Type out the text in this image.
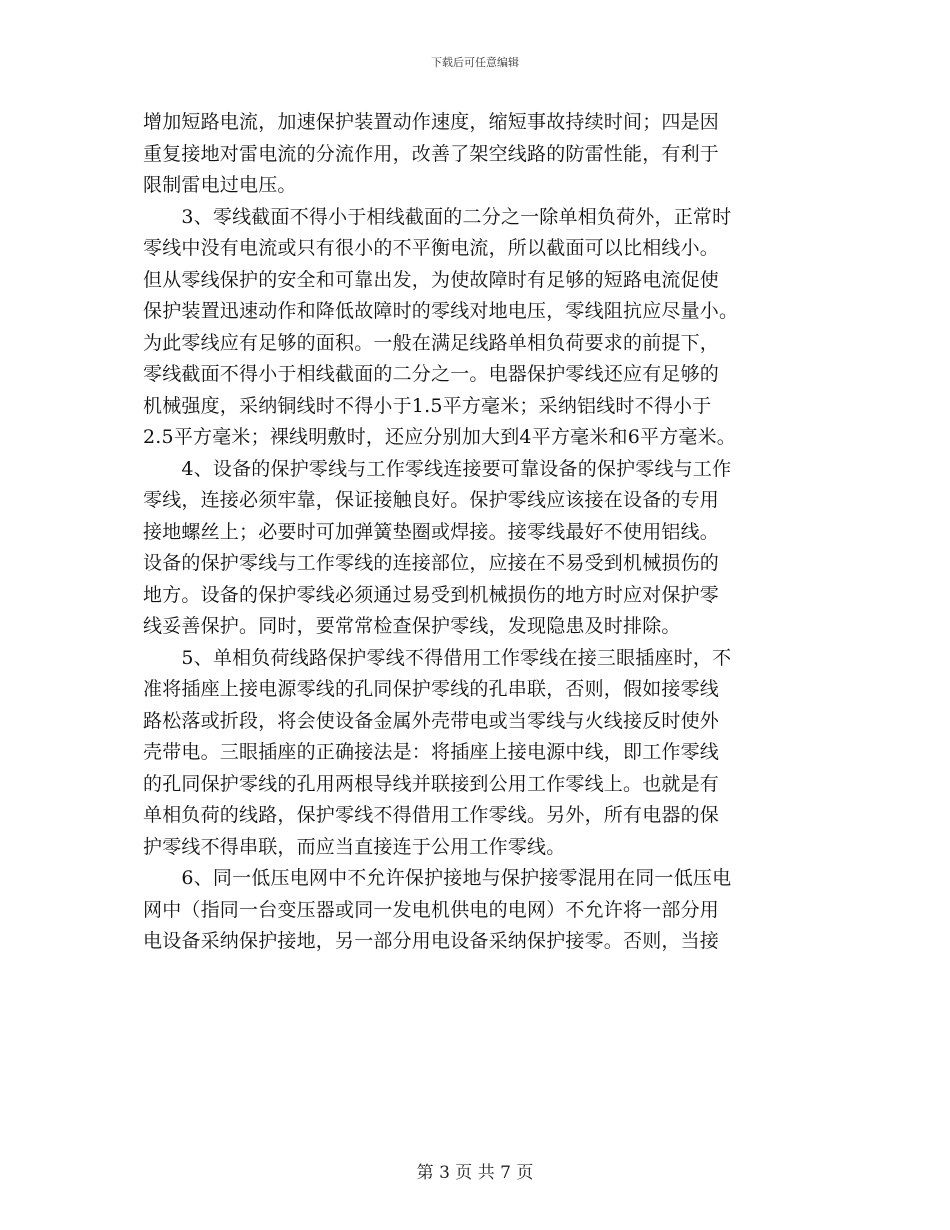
下载后可任意编辑
增加短路电流，加速保护装置动作速度，缩短事故持续时间；四是因
重复接地对雷电流的分流作用，改善了架空线路的防雷性能，有利于
限制雷电过电压。
　　3、零线截面不得小于相线截面的二分之一除单相负荷外，正常时
零线中没有电流或只有很小的不平衡电流，所以截面可以比相线小。
但从零线保护的安全和可靠出发，为使故障时有足够的短路电流促使
保护装置迅速动作和降低故障时的零线对地电压，零线阻抗应尽量小。
为此零线应有足够的面积。一般在满足线路单相负荷要求的前提下，
零线截面不得小于相线截面的二分之一。电器保护零线还应有足够的
机械强度，采纳铜线时不得小于1.5平方毫米；采纳铝线时不得小于
2.5平方毫米；裸线明敷时，还应分别加大到4平方毫米和6平方毫米。
　　4、设备的保护零线与工作零线连接要可靠设备的保护零线与工作
零线，连接必须牢靠，保证接触良好。保护零线应该接在设备的专用
接地螺丝上；必要时可加弹簧垫圈或焊接。接零线最好不使用铝线。
设备的保护零线与工作零线的连接部位，应接在不易受到机械损伤的
地方。设备的保护零线必须通过易受到机械损伤的地方时应对保护零
线妥善保护。同时，要常常检查保护零线，发现隐患及时排除。
　　5、单相负荷线路保护零线不得借用工作零线在接三眼插座时，不
准将插座上接电源零线的孔同保护零线的孔串联，否则，假如接零线
路松落或折段，将会使设备金属外壳带电或当零线与火线接反时使外
壳带电。三眼插座的正确接法是：将插座上接电源中线，即工作零线
的孔同保护零线的孔用两根导线并联接到公用工作零线上。也就是有
单相负荷的线路，保护零线不得借用工作零线。另外，所有电器的保
护零线不得串联，而应当直接连于公用工作零线。
　　6、同一低压电网中不允许保护接地与保护接零混用在同一低压电
网中（指同一台变压器或同一发电机供电的电网）不允许将一部分用
电设备采纳保护接地，另一部分用电设备采纳保护接零。否则，当接
第 3 页 共 7 页
